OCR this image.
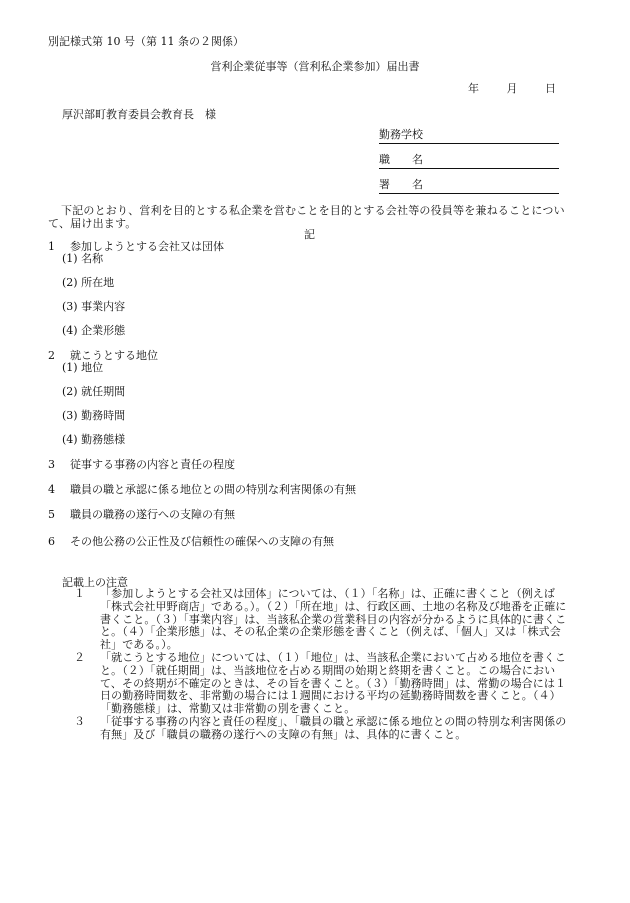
別記様式第 10 号（第 11 条の２関係）
営利企業従事等（営利私企業参加）届出書
年	月	日
厚沢部町教育委員会教育長　様
勤務学校
職　　名
署　　名
下記のとおり、営利を目的とする私企業を営むことを目的とする会社等の役員等を兼ねることについて、届け出ます。
記
1 参加しようとする会社又は団体
(1) 名称
(2) 所在地
(3) 事業内容
(4) 企業形態
2 就こうとする地位
(1) 地位
(2) 就任期間
(3) 勤務時間
(4) 勤務態様
3 従事する事務の内容と責任の程度
4 職員の職と承認に係る地位との間の特別な利害関係の有無
5 職員の職務の遂行への支障の有無
6 その他公務の公正性及び信頼性の確保への支障の有無
記載上の注意
１ 「参加しようとする会社又は団体」については、（１）「名称」は、正確に書くこと（例えば「株式会社甲野商店」である。）。（２）「所在地」は、行政区画、土地の名称及び地番を正確に書くこと。（３）「事業内容」は、当該私企業の営業科目の内容が分かるように具体的に書くこと。（４）「企業形態」は、その私企業の企業形態を書くこと（例えば、「個人」又は「株式会社」である。）。
２ 「就こうとする地位」については、（１）「地位」は、当該私企業において占める地位を書くこと。（２）「就任期間」は、当該地位を占める期間の始期と終期を書くこと。この場合において、その終期が不確定のときは、その旨を書くこと。（３）「勤務時間」は、常勤の場合には１日の勤務時間数を、非常勤の場合には１週間における平均の延勤務時間数を書くこと。（４）「勤務態様」は、常勤又は非常勤の別を書くこと。
３ 「従事する事務の内容と責任の程度」、「職員の職と承認に係る地位との間の特別な利害関係の有無」及び「職員の職務の遂行への支障の有無」は、具体的に書くこと。
